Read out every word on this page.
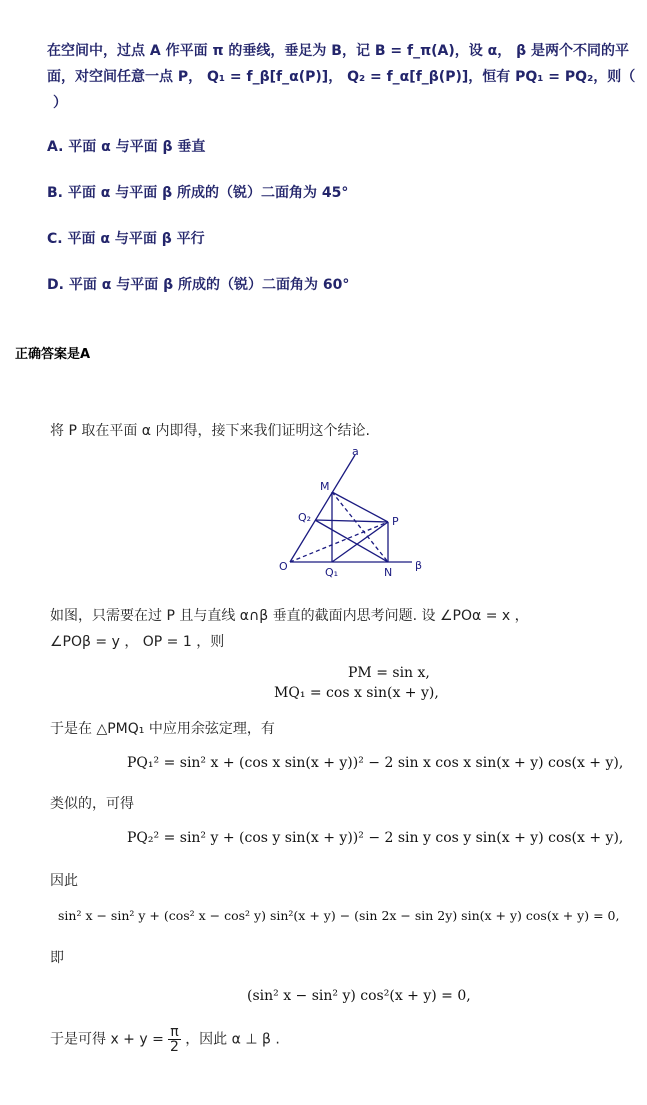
在空间中，过点 A 作平面 π 的垂线，垂足为 B，记 B = f_π(A)，设 α， β 是两个不同的平
面，对空间任意一点 P， Q₁ = f_β[f_α(P)]， Q₂ = f_α[f_β(P)]，恒有 PQ₁ = PQ₂，则（
）
A. 平面 α 与平面 β 垂直
B. 平面 α 与平面 β 所成的（锐）二面角为 45°
C. 平面 α 与平面 β 平行
D. 平面 α 与平面 β 所成的（锐）二面角为 60°
正确答案是A
将 P 取在平面 α 内即得，接下来我们证明这个结论.
a
M
Q₂	P
O	Q₁	N
β
如图，只需要在过 P 且与直线 α∩β 垂直的截面内思考问题. 设 ∠POα = x ，
∠POβ = y ， OP = 1 ，则
PM = sin x,
MQ₁ = cos x sin(x + y),
于是在 △PMQ₁ 中应用余弦定理，有
PQ₁² = sin² x + (cos x sin(x + y))² − 2 sin x cos x sin(x + y) cos(x + y),
类似的，可得
PQ₂² = sin² y + (cos y sin(x + y))² − 2 sin y cos y sin(x + y) cos(x + y),
因此
sin² x − sin² y + (cos² x − cos² y) sin²(x + y) − (sin 2x − sin 2y) sin(x + y) cos(x + y) = 0,
即
(sin² x − sin² y) cos²(x + y) = 0,
于是可得 $x + y = \frac{\pi}{2}$ ，因此 α ⊥ β .
